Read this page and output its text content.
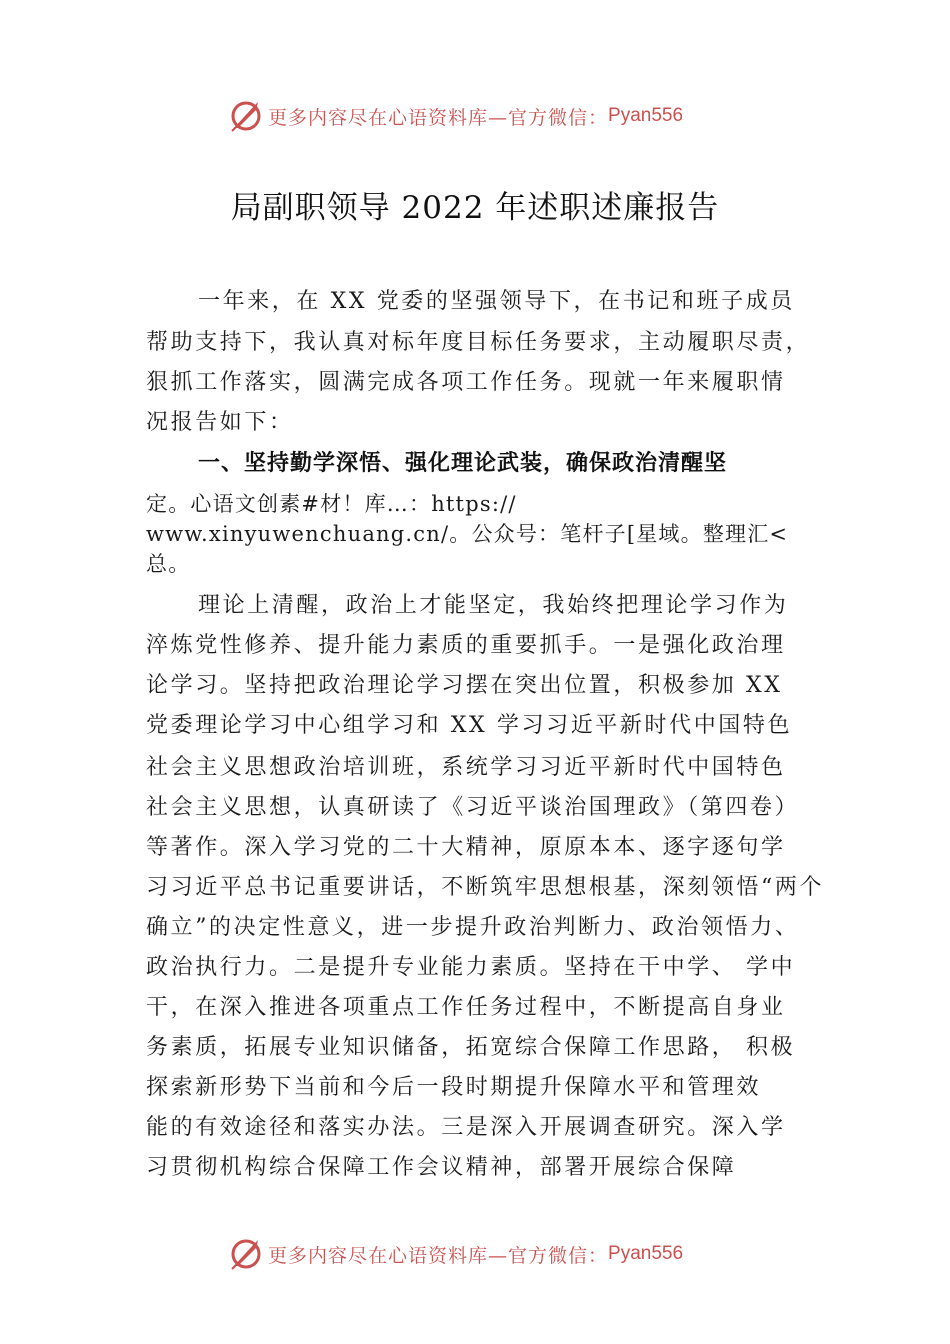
更多内容尽在心语资料库—官方微信： Pyan556
局副职领导 2022 年述职述廉报告
一年来，在 XX 党委的坚强领导下，在书记和班子成员
帮助支持下，我认真对标年度目标任务要求，主动履职尽责，
狠抓工作落实，圆满完成各项工作任务。现就一年来履职情
况报告如下：
一、坚持勤学深悟、强化理论武装，确保政治清醒坚
定。心语文创素#材！库…：https://
www.xinyuwenchuang.cn/。公众号：笔杆子[星域。整理汇<
总。
理论上清醒，政治上才能坚定，我始终把理论学习作为
淬炼党性修养、提升能力素质的重要抓手。一是强化政治理
论学习。坚持把政治理论学习摆在突出位置，积极参加 XX
党委理论学习中心组学习和 XX 学习习近平新时代中国特色
社会主义思想政治培训班，系统学习习近平新时代中国特色
社会主义思想，认真研读了《习近平谈治国理政》（第四卷）
等著作。深入学习党的二十大精神，原原本本、逐字逐句学
习习近平总书记重要讲话，不断筑牢思想根基，深刻领悟“两个
确立”的决定性意义，进一步提升政治判断力、政治领悟力、
政治执行力。二是提升专业能力素质。坚持在干中学、 学中
干，在深入推进各项重点工作任务过程中，不断提高自身业
务素质，拓展专业知识储备，拓宽综合保障工作思路， 积极
探索新形势下当前和今后一段时期提升保障水平和管理效
能的有效途径和落实办法。三是深入开展调查研究。深入学
习贯彻机构综合保障工作会议精神，部署开展综合保障
更多内容尽在心语资料库—官方微信： Pyan556
